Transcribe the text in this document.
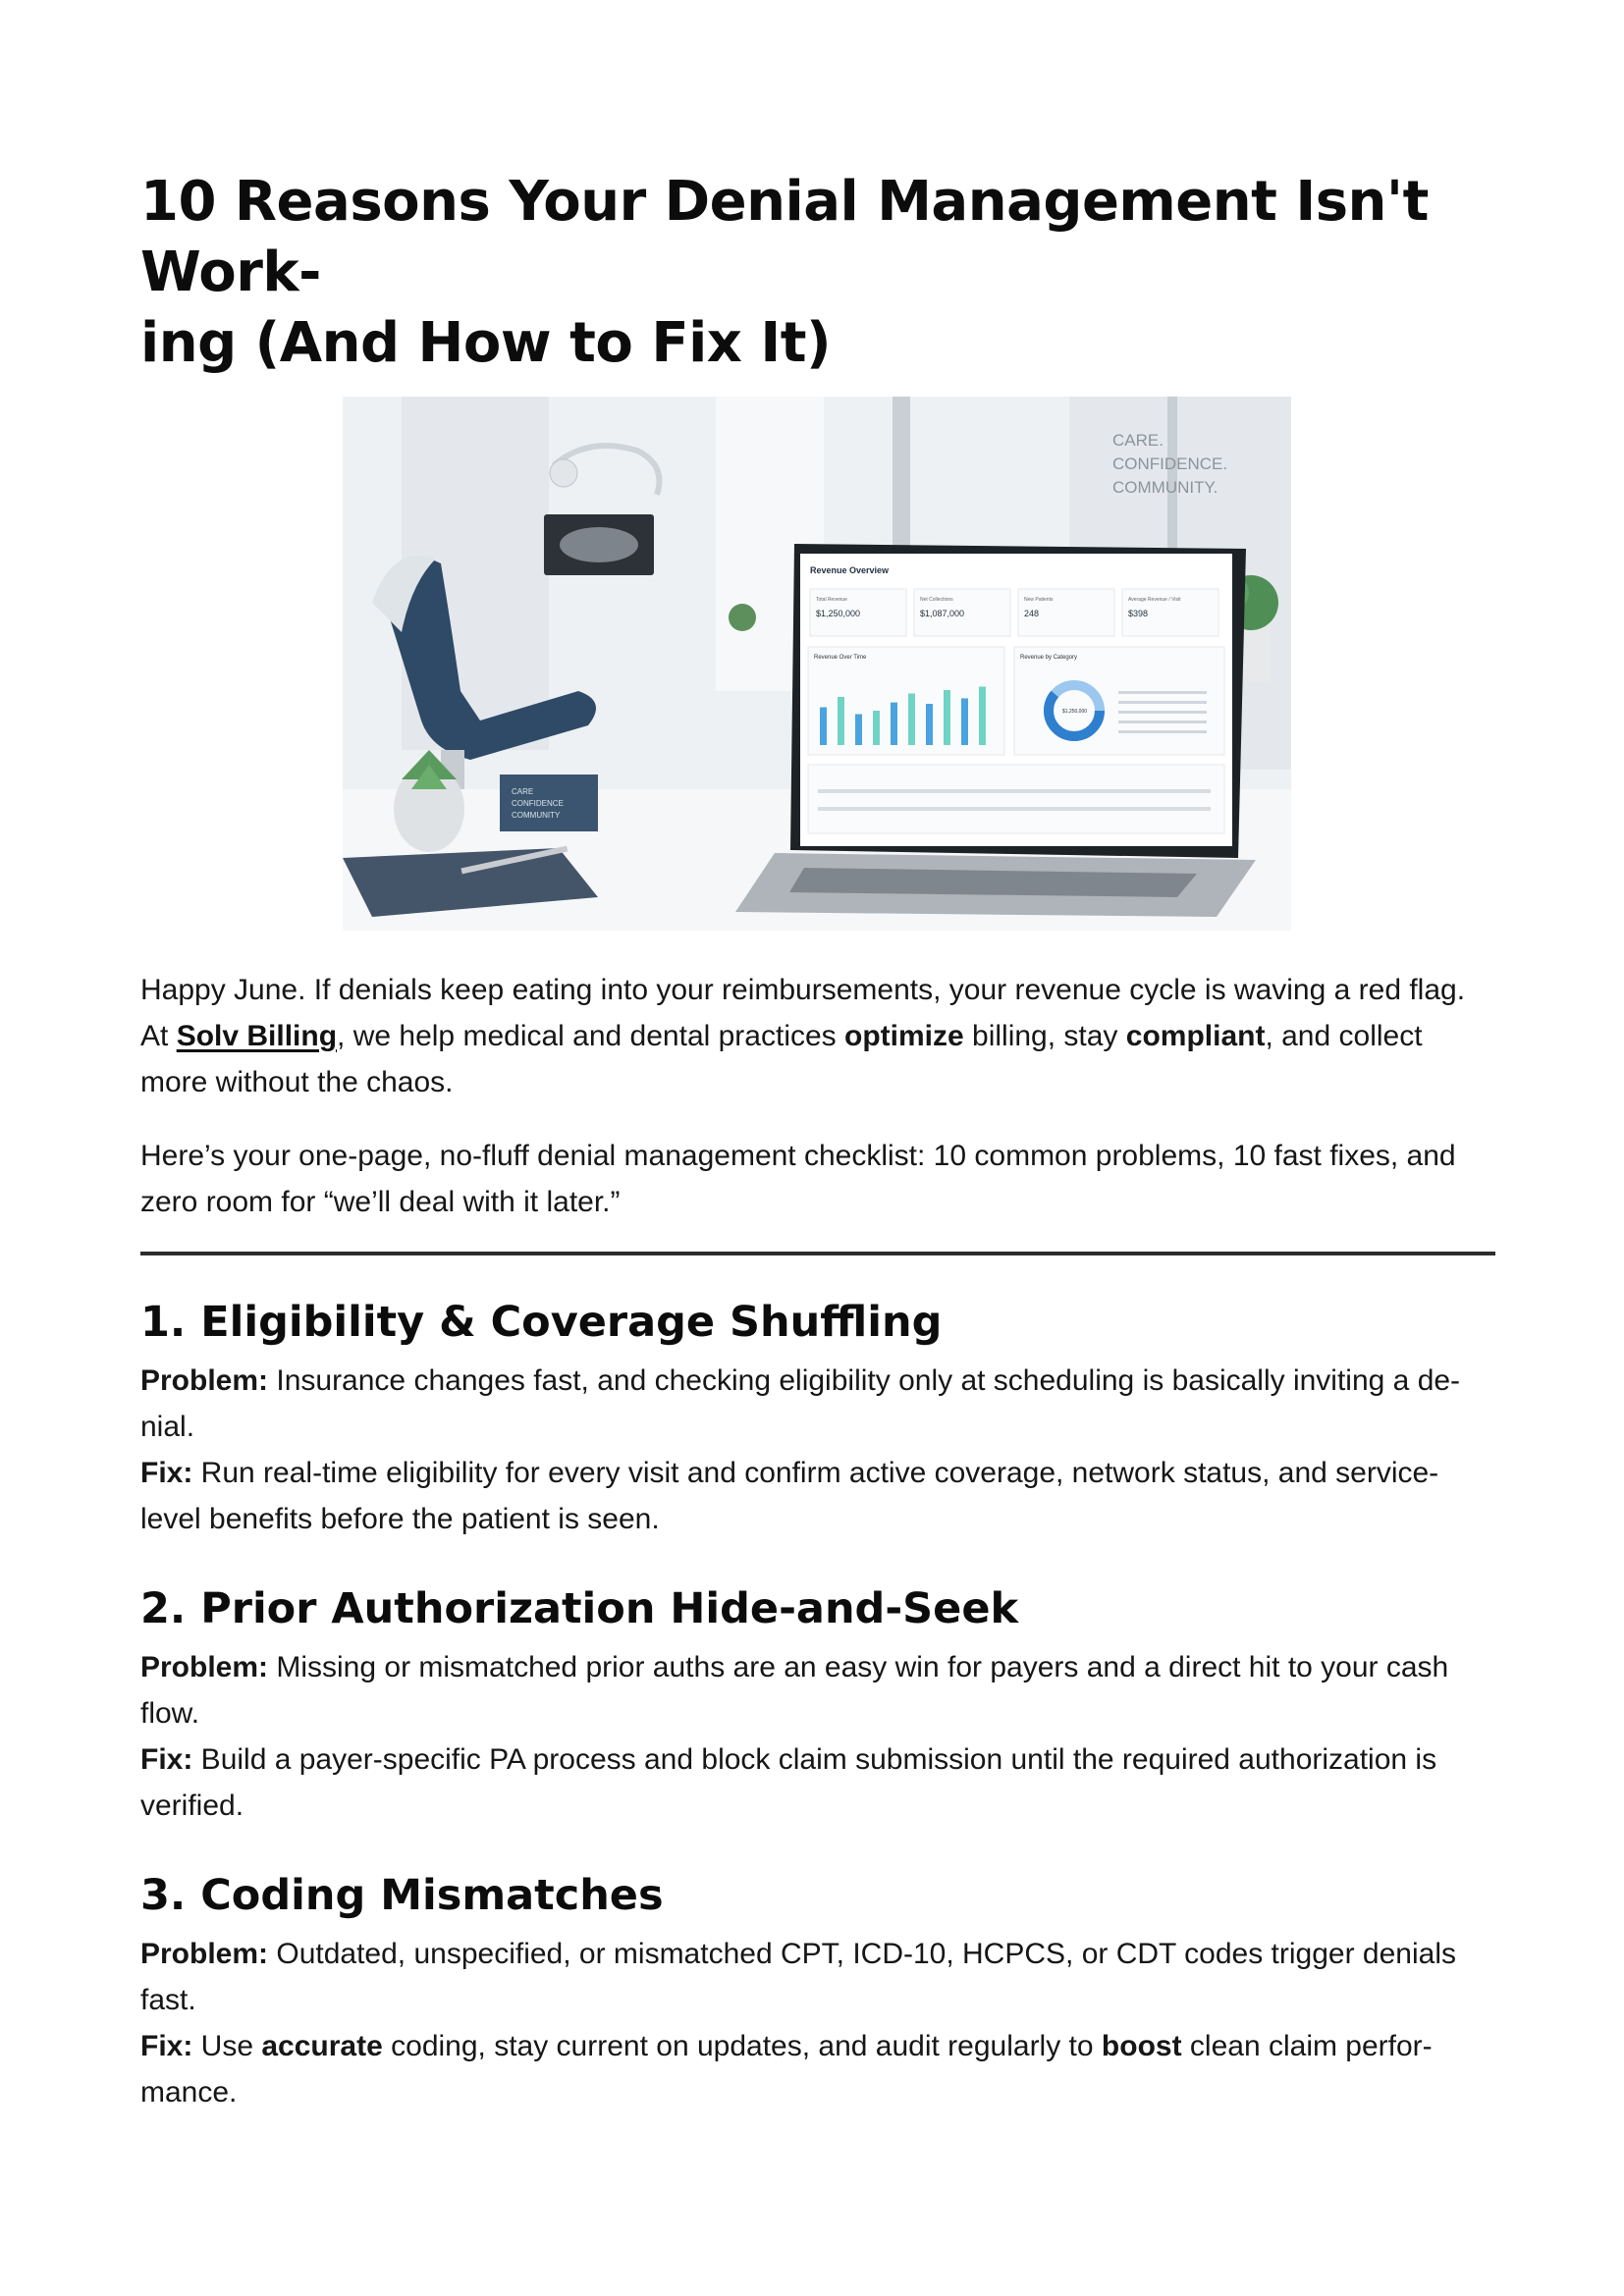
10 Reasons Your Denial Management Isn't Work-
ing (And How to Fix It)
CARE.
CONFIDENCE.
COMMUNITY.
CARE
CONFIDENCE
COMMUNITY
Revenue Overview
Total Revenue
$1,250,000
Net Collections
$1,087,000
New Patients
248
Average Revenue / Visit
$398
Revenue Over Time	Revenue by Category
$1,250,000

Happy June. If denials keep eating into your reimbursements, your revenue cycle is waving a red flag. At Solv Billing, we help medical and dental practices optimize billing, stay compliant, and collect more without the chaos.

Here’s your one-page, no-fluff denial management checklist: 10 common problems, 10 fast fixes, and zero room for “we’ll deal with it later.”

1. Eligibility & Coverage Shuffling

Problem: Insurance changes fast, and checking eligibility only at scheduling is basically inviting a de-nial.

Fix: Run real-time eligibility for every visit and confirm active coverage, network status, and service-level benefits before the patient is seen.

2. Prior Authorization Hide-and-Seek

Problem: Missing or mismatched prior auths are an easy win for payers and a direct hit to your cash flow.

Fix: Build a payer-specific PA process and block claim submission until the required authorization is verified.

3. Coding Mismatches

Problem: Outdated, unspecified, or mismatched CPT, ICD-10, HCPCS, or CDT codes trigger denials fast.

Fix: Use accurate coding, stay current on updates, and audit regularly to boost clean claim perfor-mance.
